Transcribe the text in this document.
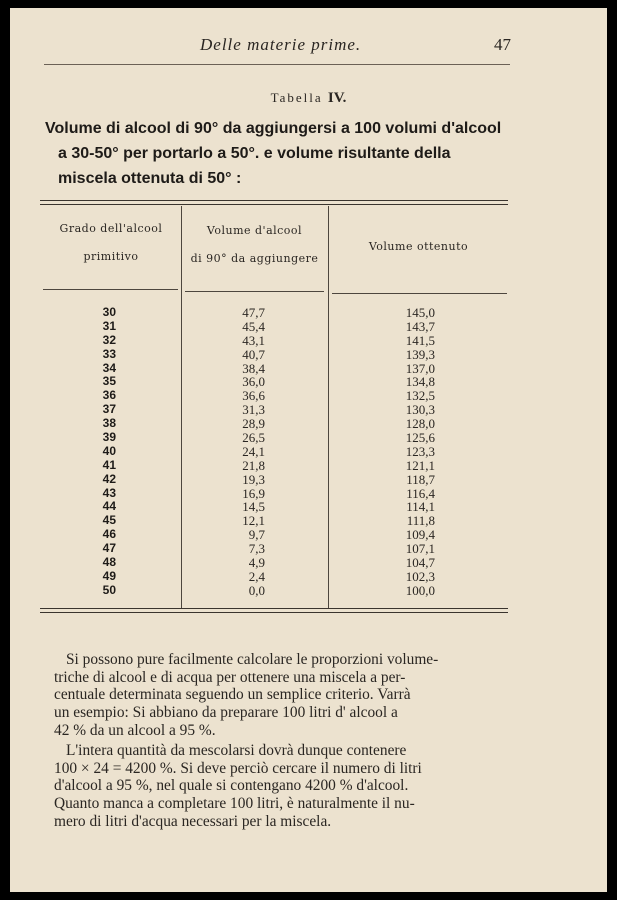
Delle materie prime.	47
Tabella IV.
Volume di alcool di 90° da aggiungersi a 100 volumi d'alcool
a 30-50° per portarlo a 50°. e volume risultante della
miscela ottenuta di 50° :
Grado dell'alcool
primitivo
Volume d'alcool
di 90° da aggiungere
Volume ottenuto
30
31
32
33
34
35
36
37
38
39
40
41
42
43
44
45
46
47
48
49
50
47,7
45,4
43,1
40,7
38,4
36,0
36,6
31,3
28,9
26,5
24,1
21,8
19,3
16,9
14,5
12,1
9,7
7,3
4,9
2,4
0,0
145,0
143,7
141,5
139,3
137,0
134,8
132,5
130,3
128,0
125,6
123,3
121,1
118,7
116,4
114,1
111,8
109,4
107,1
104,7
102,3
100,0
Si possono pure facilmente calcolare le proporzioni volume-
triche di alcool e di acqua per ottenere una miscela a per-
centuale determinata seguendo un semplice criterio. Varrà
un esempio: Si abbiano da preparare 100 litri d' alcool a
42 % da un alcool a 95 %.
L'intera quantità da mescolarsi dovrà dunque contenere
100 × 24 = 4200 %. Si deve perciò cercare il numero di litri
d'alcool a 95 %, nel quale si contengano 4200 % d'alcool.
Quanto manca a completare 100 litri, è naturalmente il nu-
mero di litri d'acqua necessari per la miscela.
